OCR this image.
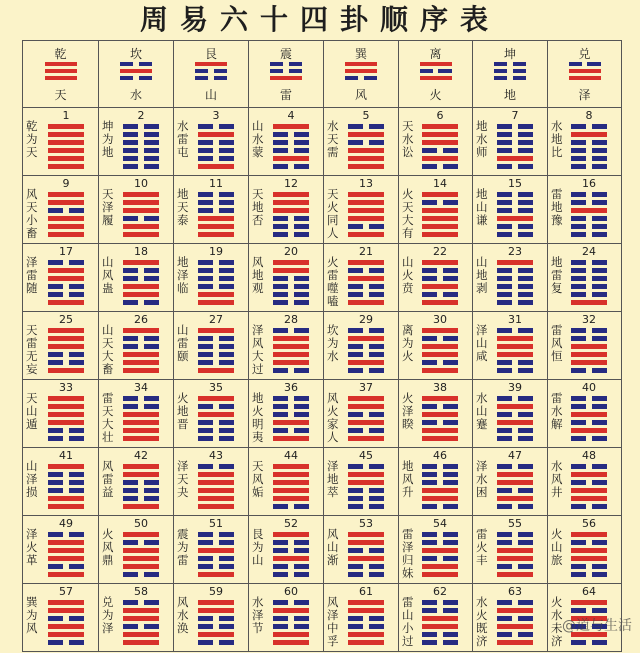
周易六十四卦顺序表
乾
天
坎
水
艮
山
震
雷
巽
风
离
火
坤
地
兑
泽
1
乾为天
2
坤为地
3
水雷屯
4
山水蒙
5
水天需
6
天水讼
7
地水师
8
水地比
9
风天小畜
10
天泽履
11
地天泰
12
天地否
13
天火同人
14
火天大有
15
地山谦
16
雷地豫
17
泽雷随
18
山风蛊
19
地泽临
20
风地观
21
火雷噬嗑
22
山火贲
23
山地剥
24
地雷复
25
天雷无妄
26
山天大畜
27
山雷颐
28
泽风大过
29
坎为水
30
离为火
31
泽山咸
32
雷风恒
33
天山遁
34
雷天大壮
35
火地晋
36
地火明夷
37
风火家人
38
火泽睽
39
水山蹇
40
雷水解
41
山泽损
42
风雷益
43
泽天夬
44
天风姤
45
泽地萃
46
地风升
47
泽水困
48
水风井
49
泽火革
50
火风鼎
51
震为雷
52
艮为山
53
风山渐
54
雷泽归妹
55
雷火丰
56
火山旅
57
巽为风
58
兑为泽
59
风水涣
60
水泽节
61
风泽中孚
62
雷山小过
63
水火既济
64
火水未济
@道与生活
